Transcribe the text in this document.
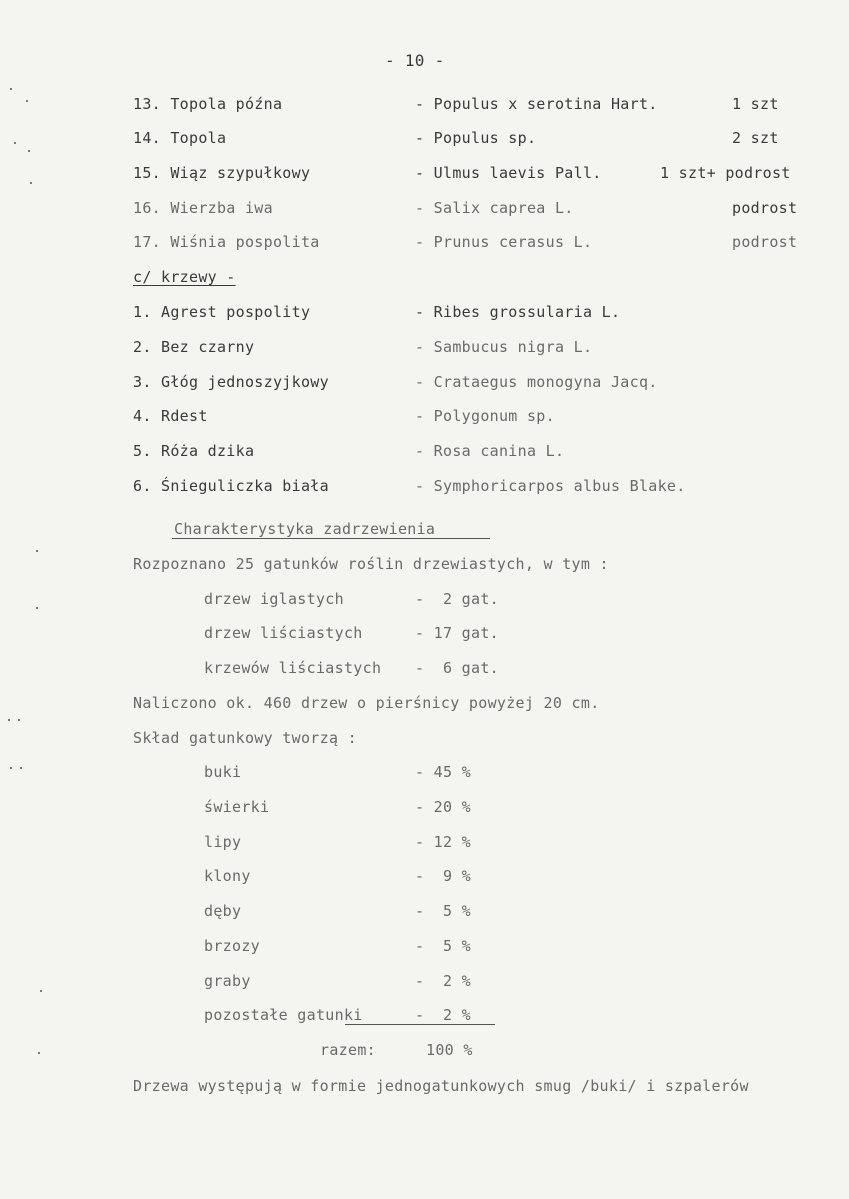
- 10 -
13. Topola późna	- Populus x serotina Hart.	1 szt
14. Topola	- Populus sp.	2 szt
15. Wiąz szypułkowy	- Ulmus laevis Pall.	1 szt+ podrost
16. Wierzba iwa	- Salix caprea L.	podrost
17. Wiśnia pospolita	- Prunus cerasus L.	podrost
c/ krzewy -
1. Agrest pospolity	- Ribes grossularia L.
2. Bez czarny	- Sambucus nigra L.
3. Głóg jednoszyjkowy	- Crataegus monogyna Jacq.
4. Rdest	- Polygonum sp.
5. Róża dzika	- Rosa canina L.
6. Śnieguliczka biała	- Symphoricarpos albus Blake.
Charakterystyka zadrzewienia
Rozpoznano 25 gatunków roślin drzewiastych, w tym :
drzew iglastych	-  2 gat.
drzew liściastych	- 17 gat.
krzewów liściastych -  6 gat.
Naliczono ok. 460 drzew o pierśnicy powyżej 20 cm.
Skład gatunkowy tworzą :
buki	- 45 %
świerki	- 20 %
lipy	- 12 %
klony	-  9 %
dęby	-  5 %
brzozy	-  5 %
graby	-  2 %
pozostałe gatunki	-  2 %
razem:	100 %
Drzewa występują w formie jednogatunkowych smug /buki/ i szpalerów
